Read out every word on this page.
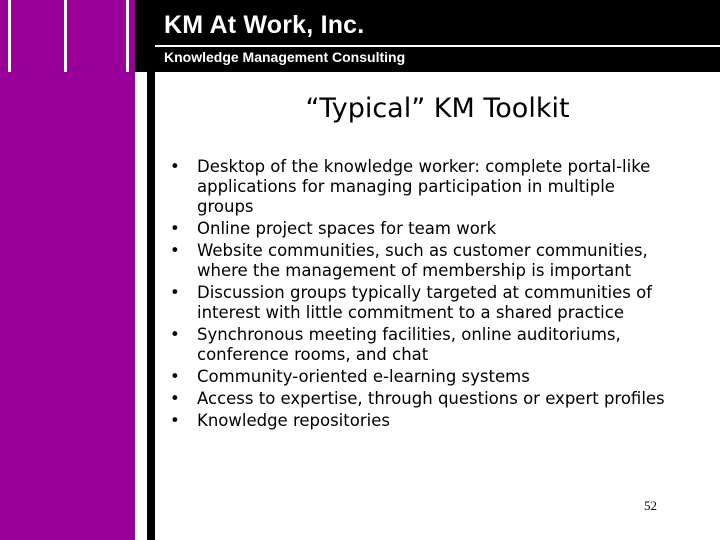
KM At Work, Inc.
Knowledge Management Consulting
“Typical” KM Toolkit
• Desktop of the knowledge worker: complete portal-like applications for managing participation in multiple groups
• Online project spaces for team work
• Website communities, such as customer communities, where the management of membership is important
• Discussion groups typically targeted at communities of interest with little commitment to a shared practice
• Synchronous meeting facilities, online auditoriums, conference rooms, and chat
• Community-oriented e-learning systems
• Access to expertise, through questions or expert profiles
• Knowledge repositories
52
